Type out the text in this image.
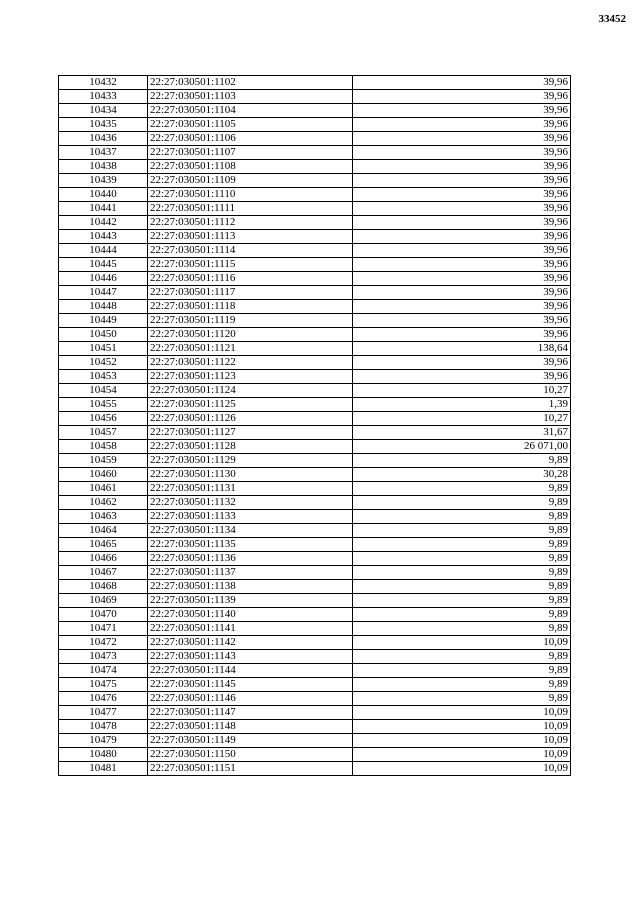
33452
10432	22:27:030501:1102	39,96
10433	22:27:030501:1103	39,96
10434	22:27:030501:1104	39,96
10435	22:27:030501:1105	39,96
10436	22:27:030501:1106	39,96
10437	22:27:030501:1107	39,96
10438	22:27:030501:1108	39,96
10439	22:27:030501:1109	39,96
10440	22:27:030501:1110	39,96
10441	22:27:030501:1111	39,96
10442	22:27:030501:1112	39,96
10443	22:27:030501:1113	39,96
10444	22:27:030501:1114	39,96
10445	22:27:030501:1115	39,96
10446	22:27:030501:1116	39,96
10447	22:27:030501:1117	39,96
10448	22:27:030501:1118	39,96
10449	22:27:030501:1119	39,96
10450	22:27:030501:1120	39,96
10451	22:27:030501:1121	138,64
10452	22:27:030501:1122	39,96
10453	22:27:030501:1123	39,96
10454	22:27:030501:1124	10,27
10455	22:27:030501:1125	1,39
10456	22:27:030501:1126	10,27
10457	22:27:030501:1127	31,67
10458	22:27:030501:1128	26 071,00
10459	22:27:030501:1129	9,89
10460	22:27:030501:1130	30,28
10461	22:27:030501:1131	9,89
10462	22:27:030501:1132	9,89
10463	22:27:030501:1133	9,89
10464	22:27:030501:1134	9,89
10465	22:27:030501:1135	9,89
10466	22:27:030501:1136	9,89
10467	22:27:030501:1137	9,89
10468	22:27:030501:1138	9,89
10469	22:27:030501:1139	9,89
10470	22:27:030501:1140	9,89
10471	22:27:030501:1141	9,89
10472	22:27:030501:1142	10,09
10473	22:27:030501:1143	9,89
10474	22:27:030501:1144	9,89
10475	22:27:030501:1145	9,89
10476	22:27:030501:1146	9,89
10477	22:27:030501:1147	10,09
10478	22:27:030501:1148	10,09
10479	22:27:030501:1149	10,09
10480	22:27:030501:1150	10,09
10481	22:27:030501:1151	10,09
